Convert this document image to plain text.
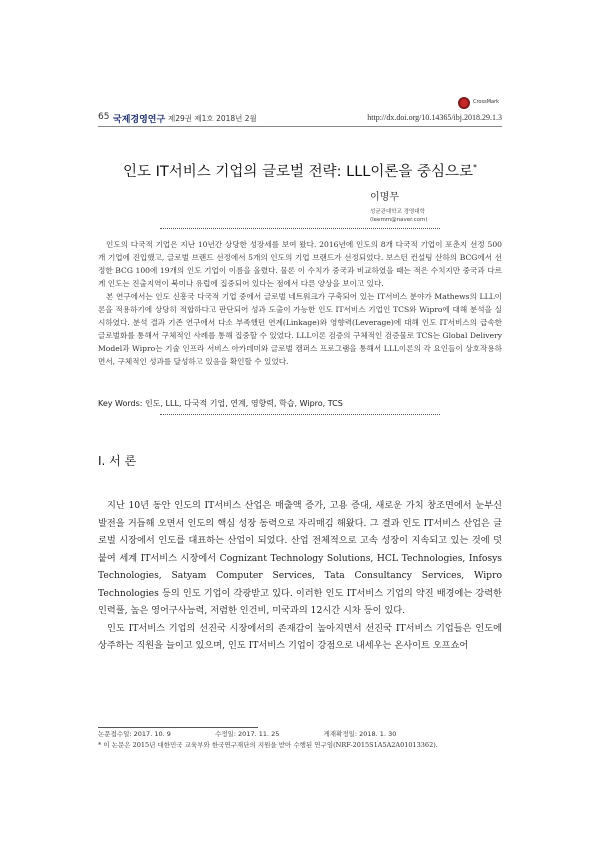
65 국제경영연구 제29권 제1호 2018년 2월	http://dx.doi.org/10.14365/ibj.2018.29.1.3
CrossMark
인도 IT서비스 기업의 글로벌 전략: LLL이론을 중심으로*
이명무
성균관대학교 경영대학
(leemm@naver.com)

인도의 다국적 기업은 지난 10년간 상당한 성장세를 보여 왔다. 2016년에 인도의 8개 다국적 기업이 포춘지 선정 500개 기업에 진입했고, 글로벌 브랜드 선정에서 5개의 인도의 기업 브랜드가 선정되었다. 보스턴 컨설팅 산하의 BCG에서 선정한 BCG 100에 19개의 인도 기업이 이름을 올렸다. 물론 이 수치가 중국과 비교하였을 때는 적은 수치지만 중국과 다르게 인도는 진출지역이 북미나 유럽에 집중되어 있다는 점에서 다른 양상을 보이고 있다.

본 연구에서는 인도 신흥국 다국적 기업 중에서 글로벌 네트워크가 구축되어 있는 IT서비스 분야가 Mathews의 LLL이론을 적용하기에 상당히 적합하다고 판단되어 성과 도출이 가능한 인도 IT서비스 기업인 TCS와 Wipro에 대해 분석을 실시하였다. 분석 결과 기존 연구에서 다소 부족했던 연계(Linkage)와 영향력(Leverage)에 대해 인도 IT서비스의 급속한 글로벌화를 통해서 구체적인 사례를 통해 집중할 수 있었다. LLL이론 검증의 구체적인 검증물로 TCS는 Global Delivery Model과 Wipro는 기술 인프라 서비스 아카데미와 글로벌 캠퍼스 프로그램을 통해서 LLL이론의 각 요인들이 상호작용하면서, 구체적인 성과를 달성하고 있음을 확인할 수 있었다.

Key Words: 인도, LLL, 다국적 기업, 연계, 영향력, 학습, Wipro, TCS
Ⅰ. 서 론

지난 10년 동안 인도의 IT서비스 산업은 매출액 증가, 고용 증대, 새로운 가치 창조면에서 눈부신 발전을 거듭해 오면서 인도의 핵심 성장 동력으로 자리매김 해왔다. 그 결과 인도 IT서비스 산업은 글로벌 시장에서 인도를 대표하는 산업이 되었다. 산업 전체적으로 고속 성장이 지속되고 있는 것에 덧붙여 세계 IT서비스 시장에서 Cognizant Technology Solutions, HCL Technologies, Infosys Technologies, Satyam Computer Services, Tata Consultancy Services, Wipro Technologies 등의 인도 기업이 각광받고 있다. 이러한 인도 IT서비스 기업의 약진 배경에는 강력한 인력풀, 높은 영어구사능력, 저렴한 인건비, 미국과의 12시간 시차 등이 있다.

인도 IT서비스 기업의 선진국 시장에서의 존재감이 높아지면서 선진국 IT서비스 기업들은 인도에 상주하는 직원을 늘이고 있으며, 인도 IT서비스 기업이 강점으로 내세우는 온사이트 오프쇼어

논문접수일: 2017. 10. 9	수정일: 2017. 11. 25	게재확정일: 2018. 1. 30
* 이 논문은 2015년 대한민국 교육부와 한국연구재단의 지원을 받아 수행된 연구임(NRF-2015S1A5A2A01013362).
